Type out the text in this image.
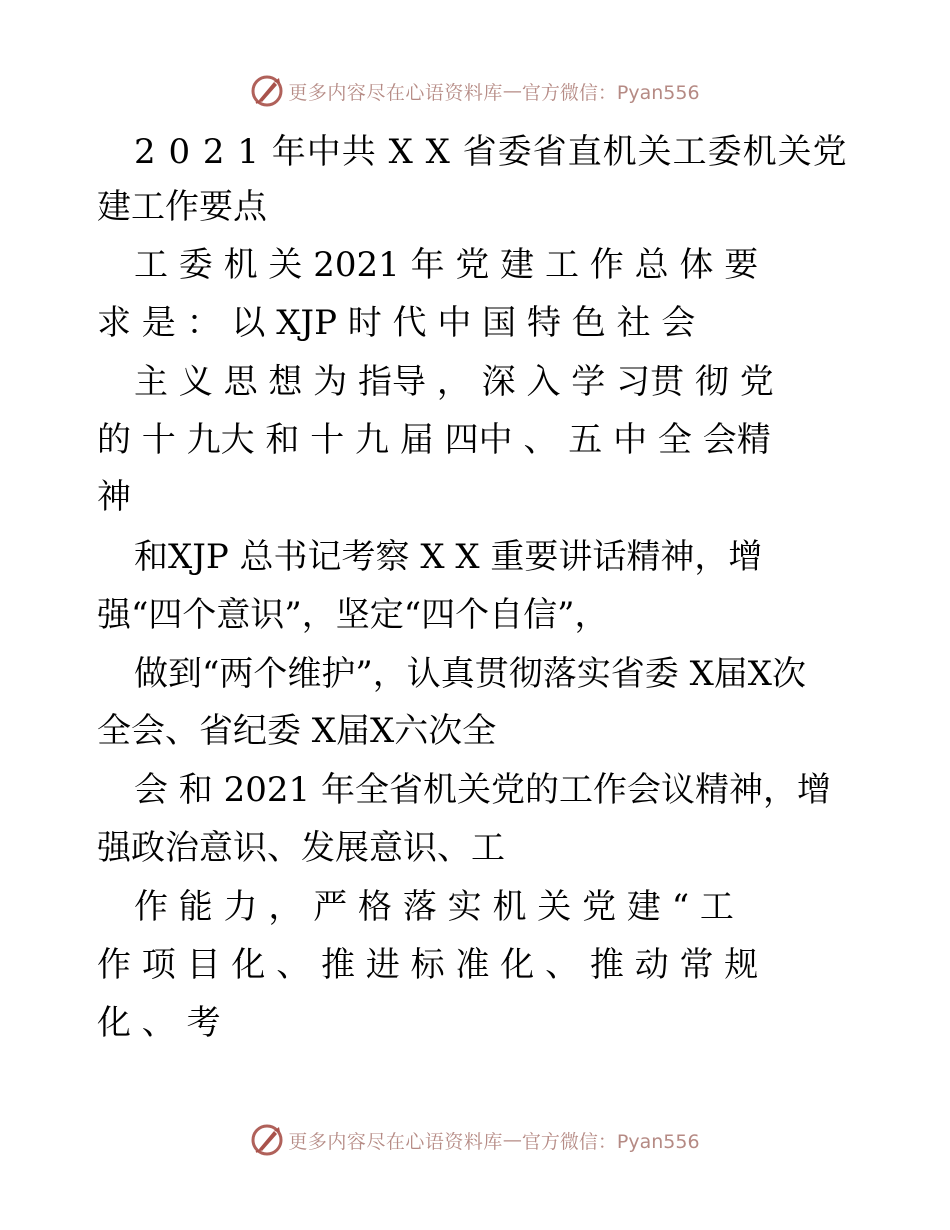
更多内容尽在心语资料库 — 官方微信：Pyan556
2 0 2 1 年中共 X X 省委省直机关工委机关党
建工作要点
工 委 机 关 2021 年 党 建 工 作 总 体 要
求 是 ： 以 XJP 时 代 中 国 特 色 社 会
主 义 思 想 为 指导 ， 深 入 学 习贯 彻 党
的 十 九大 和 十 九 届 四中 、 五 中 全 会精
神
和XJP 总书记考察 X X 重要讲话精神，增
强“四个意识”，坚定“四个自信”，
做到“两个维护”，认真贯彻落实省委 X届X次
全会、省纪委 X届X六次全
会 和 2021 年全省机关党的工作会议精神，增
强政治意识、发展意识、工
作 能 力 ， 严 格 落 实 机 关 党 建 “ 工
作 项 目 化 、 推 进 标 准 化 、 推 动 常 规
化 、 考
更多内容尽在心语资料库 — 官方微信：Pyan556
